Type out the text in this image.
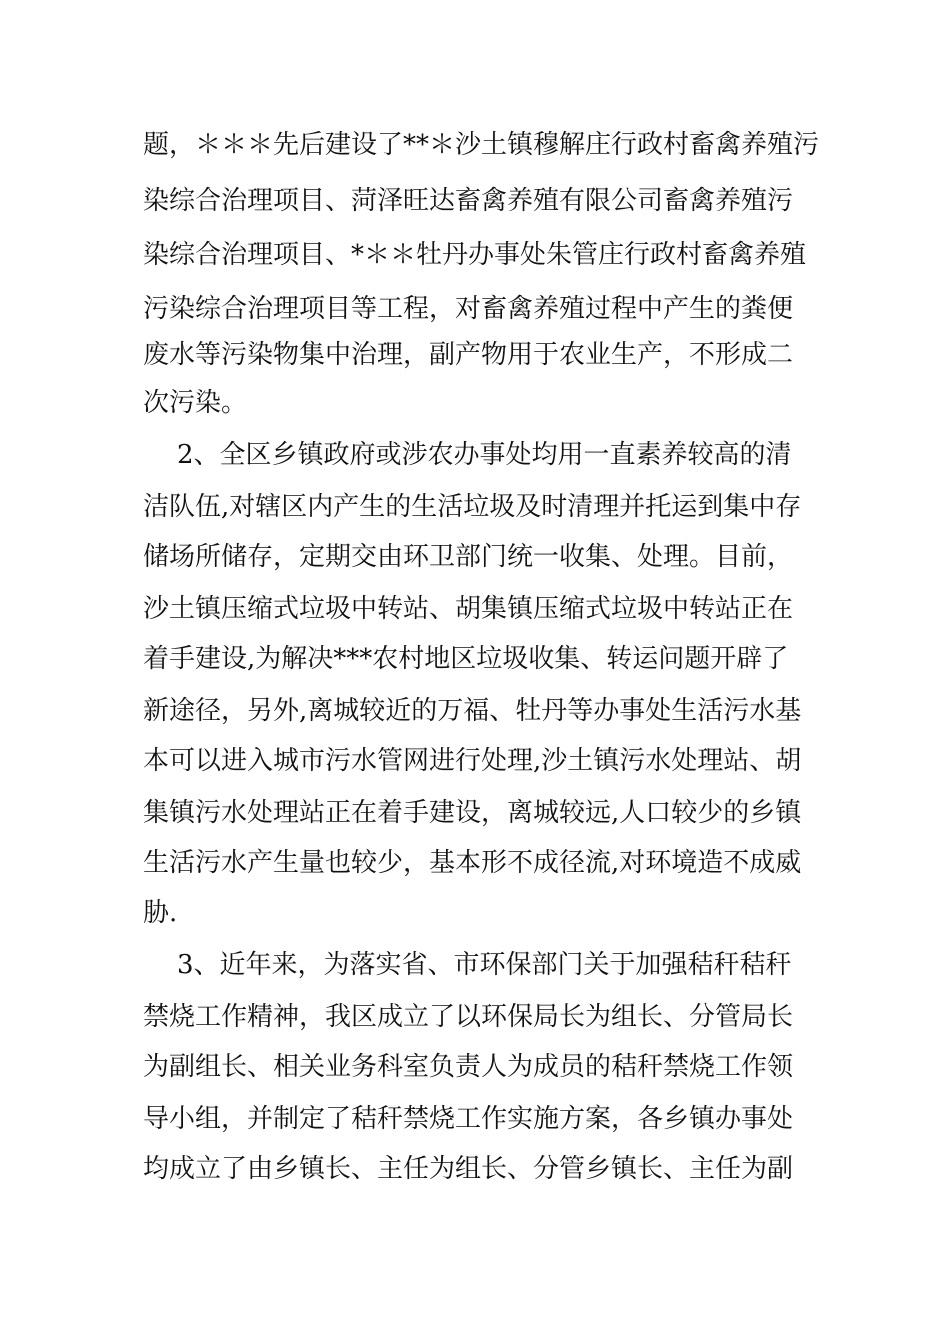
题，＊＊＊先后建设了**＊沙土镇穆解庄行政村畜禽养殖污
染综合治理项目、菏泽旺达畜禽养殖有限公司畜禽养殖污
染综合治理项目、*＊＊牡丹办事处朱管庄行政村畜禽养殖
污染综合治理项目等工程，对畜禽养殖过程中产生的粪便
废水等污染物集中治理，副产物用于农业生产，不形成二
次污染。
2、全区乡镇政府或涉农办事处均用一直素养较高的清
洁队伍,对辖区内产生的生活垃圾及时清理并托运到集中存
储场所储存，定期交由环卫部门统一收集、处理。目前，
沙土镇压缩式垃圾中转站、胡集镇压缩式垃圾中转站正在
着手建设,为解决***农村地区垃圾收集、转运问题开辟了
新途径，另外,离城较近的万福、牡丹等办事处生活污水基
本可以进入城市污水管网进行处理,沙土镇污水处理站、胡
集镇污水处理站正在着手建设，离城较远,人口较少的乡镇
生活污水产生量也较少，基本形不成径流,对环境造不成威
胁.
3、近年来，为落实省、市环保部门关于加强秸秆秸秆
禁烧工作精神，我区成立了以环保局长为组长、分管局长
为副组长、相关业务科室负责人为成员的秸秆禁烧工作领
导小组，并制定了秸秆禁烧工作实施方案，各乡镇办事处
均成立了由乡镇长、主任为组长、分管乡镇长、主任为副
